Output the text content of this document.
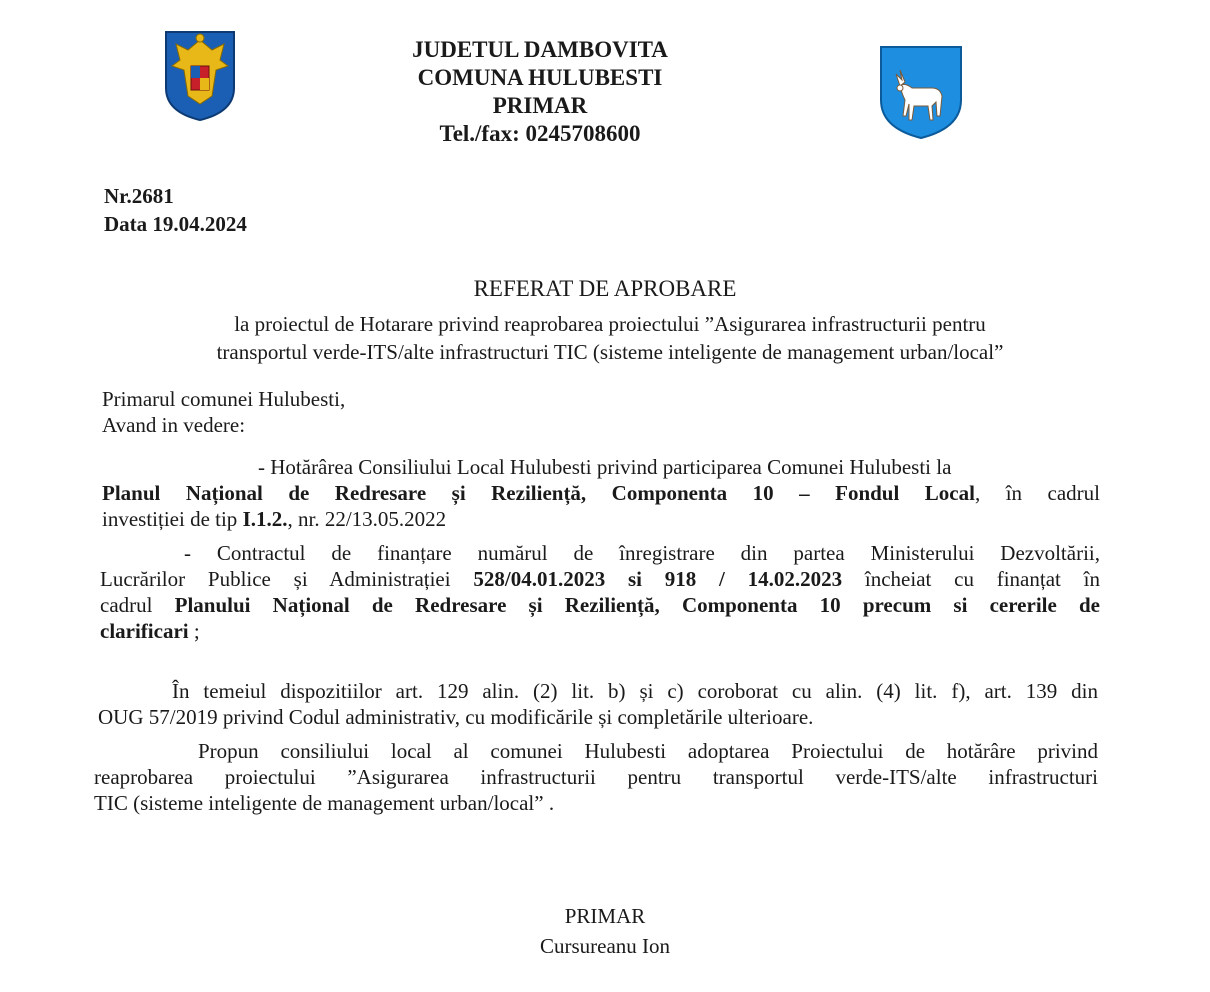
JUDETUL DAMBOVITA
COMUNA HULUBESTI
PRIMAR
Tel./fax: 0245708600
Nr.2681
Data 19.04.2024
REFERAT DE APROBARE
la proiectul de Hotarare privind reaprobarea proiectului ”Asigurarea infrastructurii pentru
transportul verde-ITS/alte infrastructuri TIC (sisteme inteligente de management urban/local”
Primarul comunei Hulubesti,
Avand in vedere:
- Hotărârea Consiliului Local Hulubesti privind participarea Comunei Hulubesti la
Planul Național de Redresare și Reziliență, Componenta 10 – Fondul Local, în cadrul
investiției de tip I.1.2., nr. 22/13.05.2022
- Contractul de finanțare numărul de înregistrare din partea Ministerului Dezvoltării,
Lucrărilor Publice și Administrației 528/04.01.2023 si 918 / 14.02.2023 încheiat cu finanțat în
cadrul Planului Național de Redresare și Reziliență, Componenta 10 precum si cererile de
clarificari ;
În temeiul dispozitiilor art. 129 alin. (2) lit. b) și c) coroborat cu alin. (4) lit. f), art. 139 din
OUG 57/2019 privind Codul administrativ, cu modificările și completările ulterioare.
Propun consiliului local al comunei Hulubesti adoptarea Proiectului de hotărâre privind
reaprobarea proiectului ”Asigurarea infrastructurii pentru transportul verde-ITS/alte infrastructuri
TIC (sisteme inteligente de management urban/local” .
PRIMAR
Cursureanu Ion
